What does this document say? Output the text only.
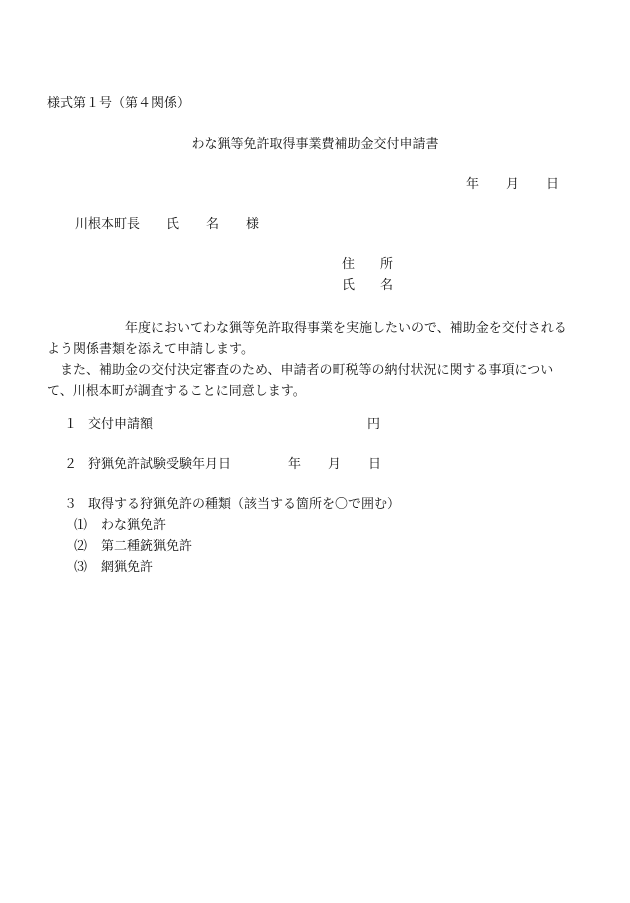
様式第１号（第４関係）
わな猟等免許取得事業費補助金交付申請書
年 月 日
川根本町長 氏 名 様
住 所
氏 名

年度においてわな猟等免許取得事業を実施したいので、補助金を交付されるよう関係書類を添えて申請します。

また、補助金の交付決定審査のため、申請者の町税等の納付状況に関する事項について、川根本町が調査することに同意します。

１ 交付申請額	円
２ 狩猟免許試験受験年月日	年 月 日
３ 取得する狩猟免許の種類（該当する箇所を〇で囲む）
⑴ わな猟免許
⑵ 第二種銃猟免許
⑶ 網猟免許
